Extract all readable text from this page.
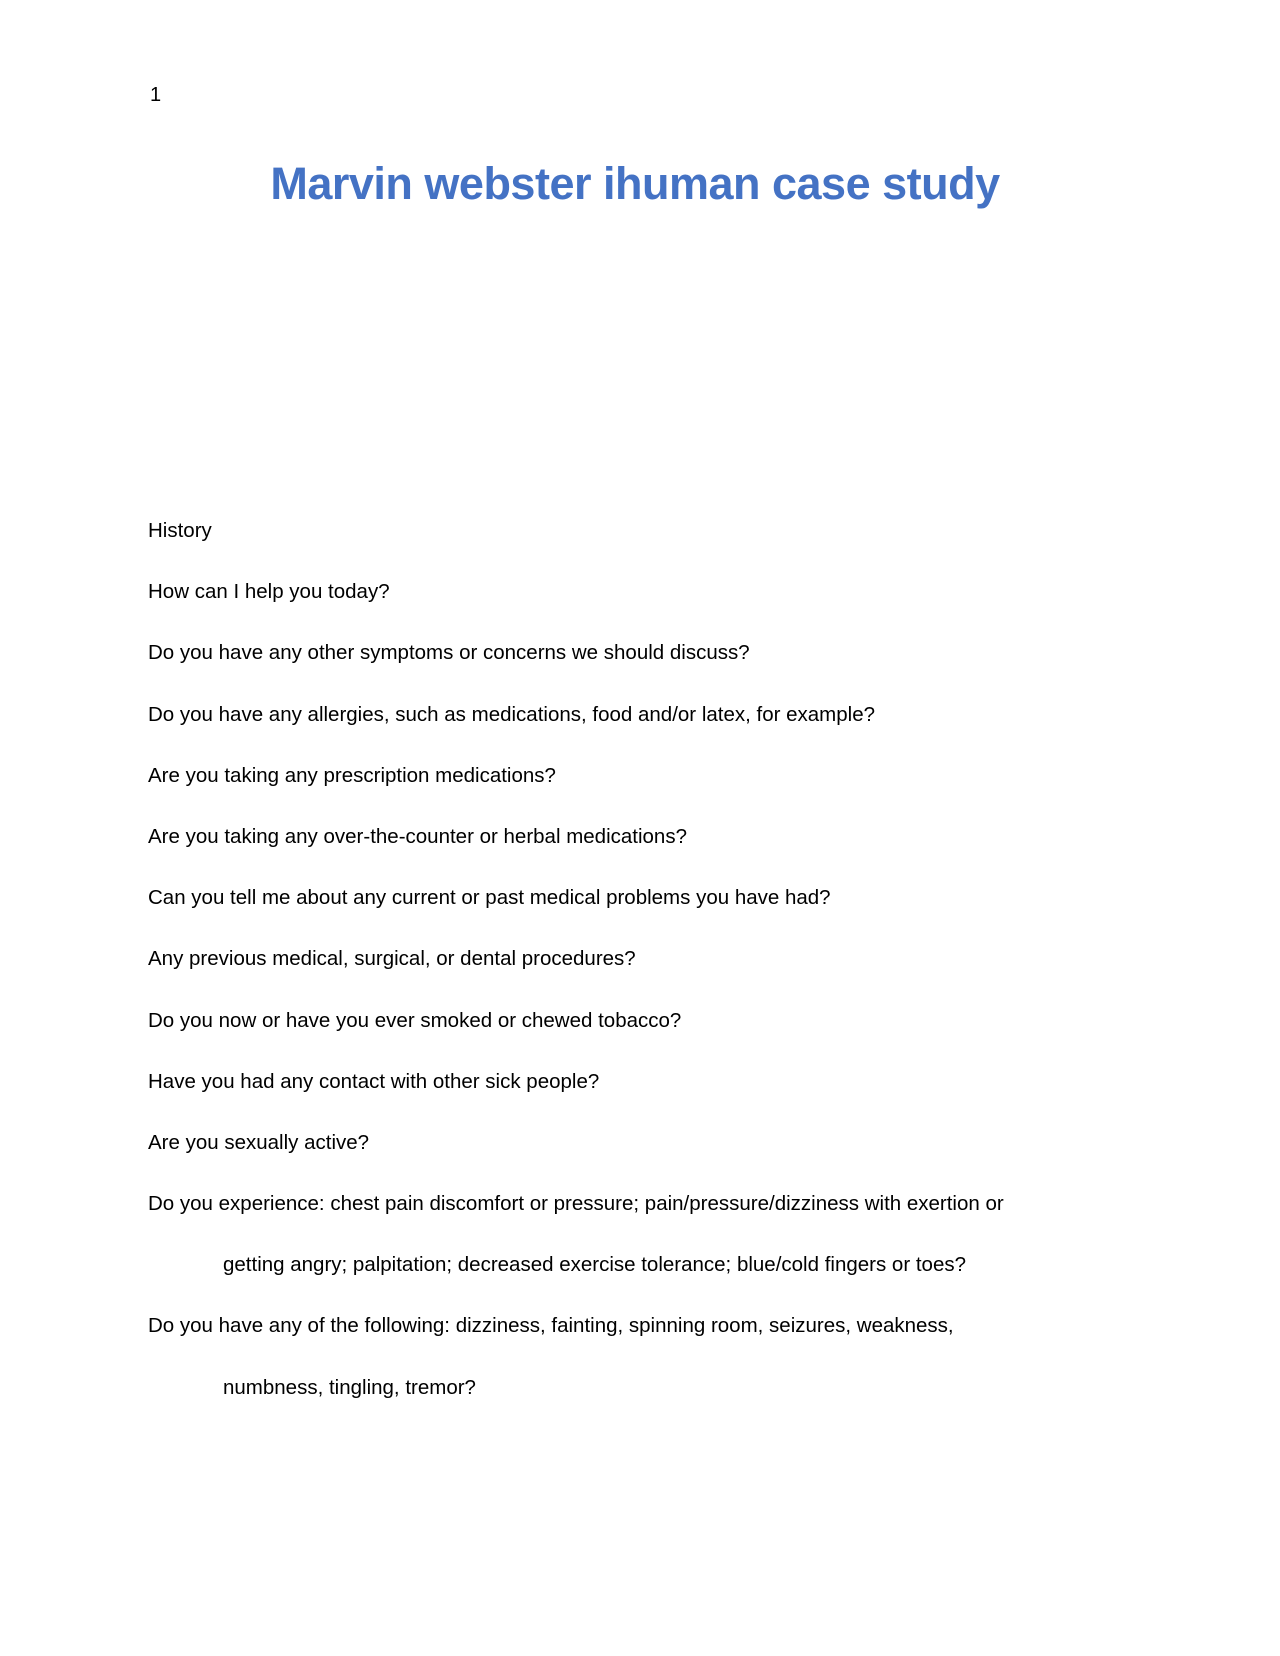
1
Marvin webster ihuman case study
History
How can I help you today?
Do you have any other symptoms or concerns we should discuss?
Do you have any allergies, such as medications, food and/or latex, for example?
Are you taking any prescription medications?
Are you taking any over-the-counter or herbal medications?
Can you tell me about any current or past medical problems you have had?
Any previous medical, surgical, or dental procedures?
Do you now or have you ever smoked or chewed tobacco?
Have you had any contact with other sick people?
Are you sexually active?
Do you experience: chest pain discomfort or pressure; pain/pressure/dizziness with exertion or
getting angry; palpitation; decreased exercise tolerance; blue/cold fingers or toes?
Do you have any of the following: dizziness, fainting, spinning room, seizures, weakness,
numbness, tingling, tremor?
